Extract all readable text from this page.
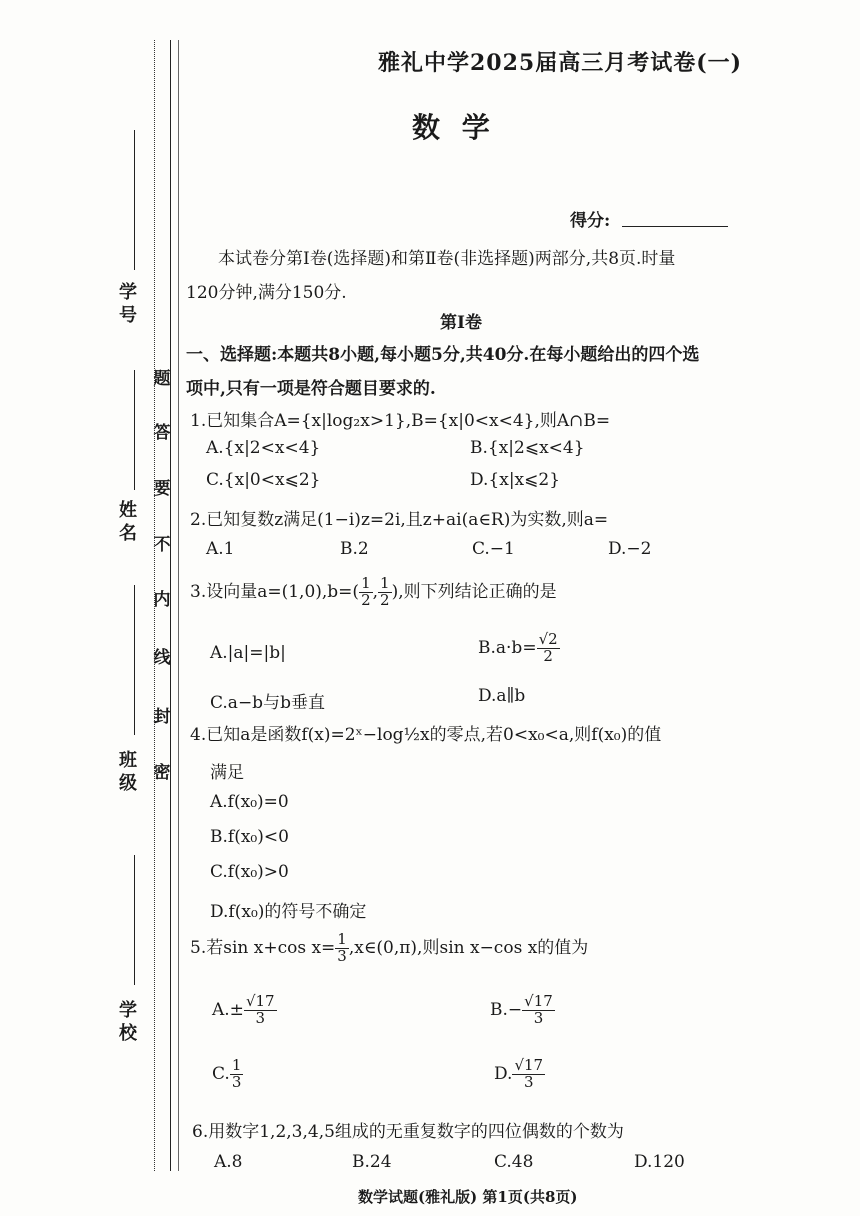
学号
姓名
班级
学校
题
答
要
不
内
线
封
密
雅礼中学2025届高三月考试卷(一)
数 学
得分:
本试卷分第Ⅰ卷(选择题)和第Ⅱ卷(非选择题)两部分,共8页.时量
120分钟,满分150分.
第Ⅰ卷
一、选择题:本题共8小题,每小题5分,共40分.在每小题给出的四个选
项中,只有一项是符合题目要求的.
1.已知集合A={x|log₂x>1},B={x|0<x<4},则A∩B=
A.{x|2<x<4}	B.{x|2⩽x<4}
C.{x|0<x⩽2}	D.{x|x⩽2}
2.已知复数z满足(1−i)z=2i,且z+ai(a∈R)为实数,则a=
A.1	B.2	C.−1	D.−2
3.设向量$a=(1,0),b=( \frac{1}{2}$ , $\frac{1}{2}$ ),则下列结论正确的是
A.|a|=|b|	$B.a\cdot b= \frac{√2}{2}$
C.a−b与b垂直	D.a∥b
4.已知a是函数f(x)=2ˣ−log½x的零点,若0<x₀<a,则f(x₀)的值
满足
A.f(x₀)=0
B.f(x₀)<0
C.f(x₀)>0
D.f(x₀)的符号不确定
5.若sin x+cos $x= \frac{1}{3}$ ,x∈(0,π),则sin x−cos x的值为
$A.\pm \frac{√17}{3}$	$B.- \frac{√17}{3}$
C. $\frac{1}{3}$	D. $\frac{√17}{3}$
6.用数字1,2,3,4,5组成的无重复数字的四位偶数的个数为
A.8	B.24	C.48	D.120
数学试题(雅礼版) 第1页(共8页)
